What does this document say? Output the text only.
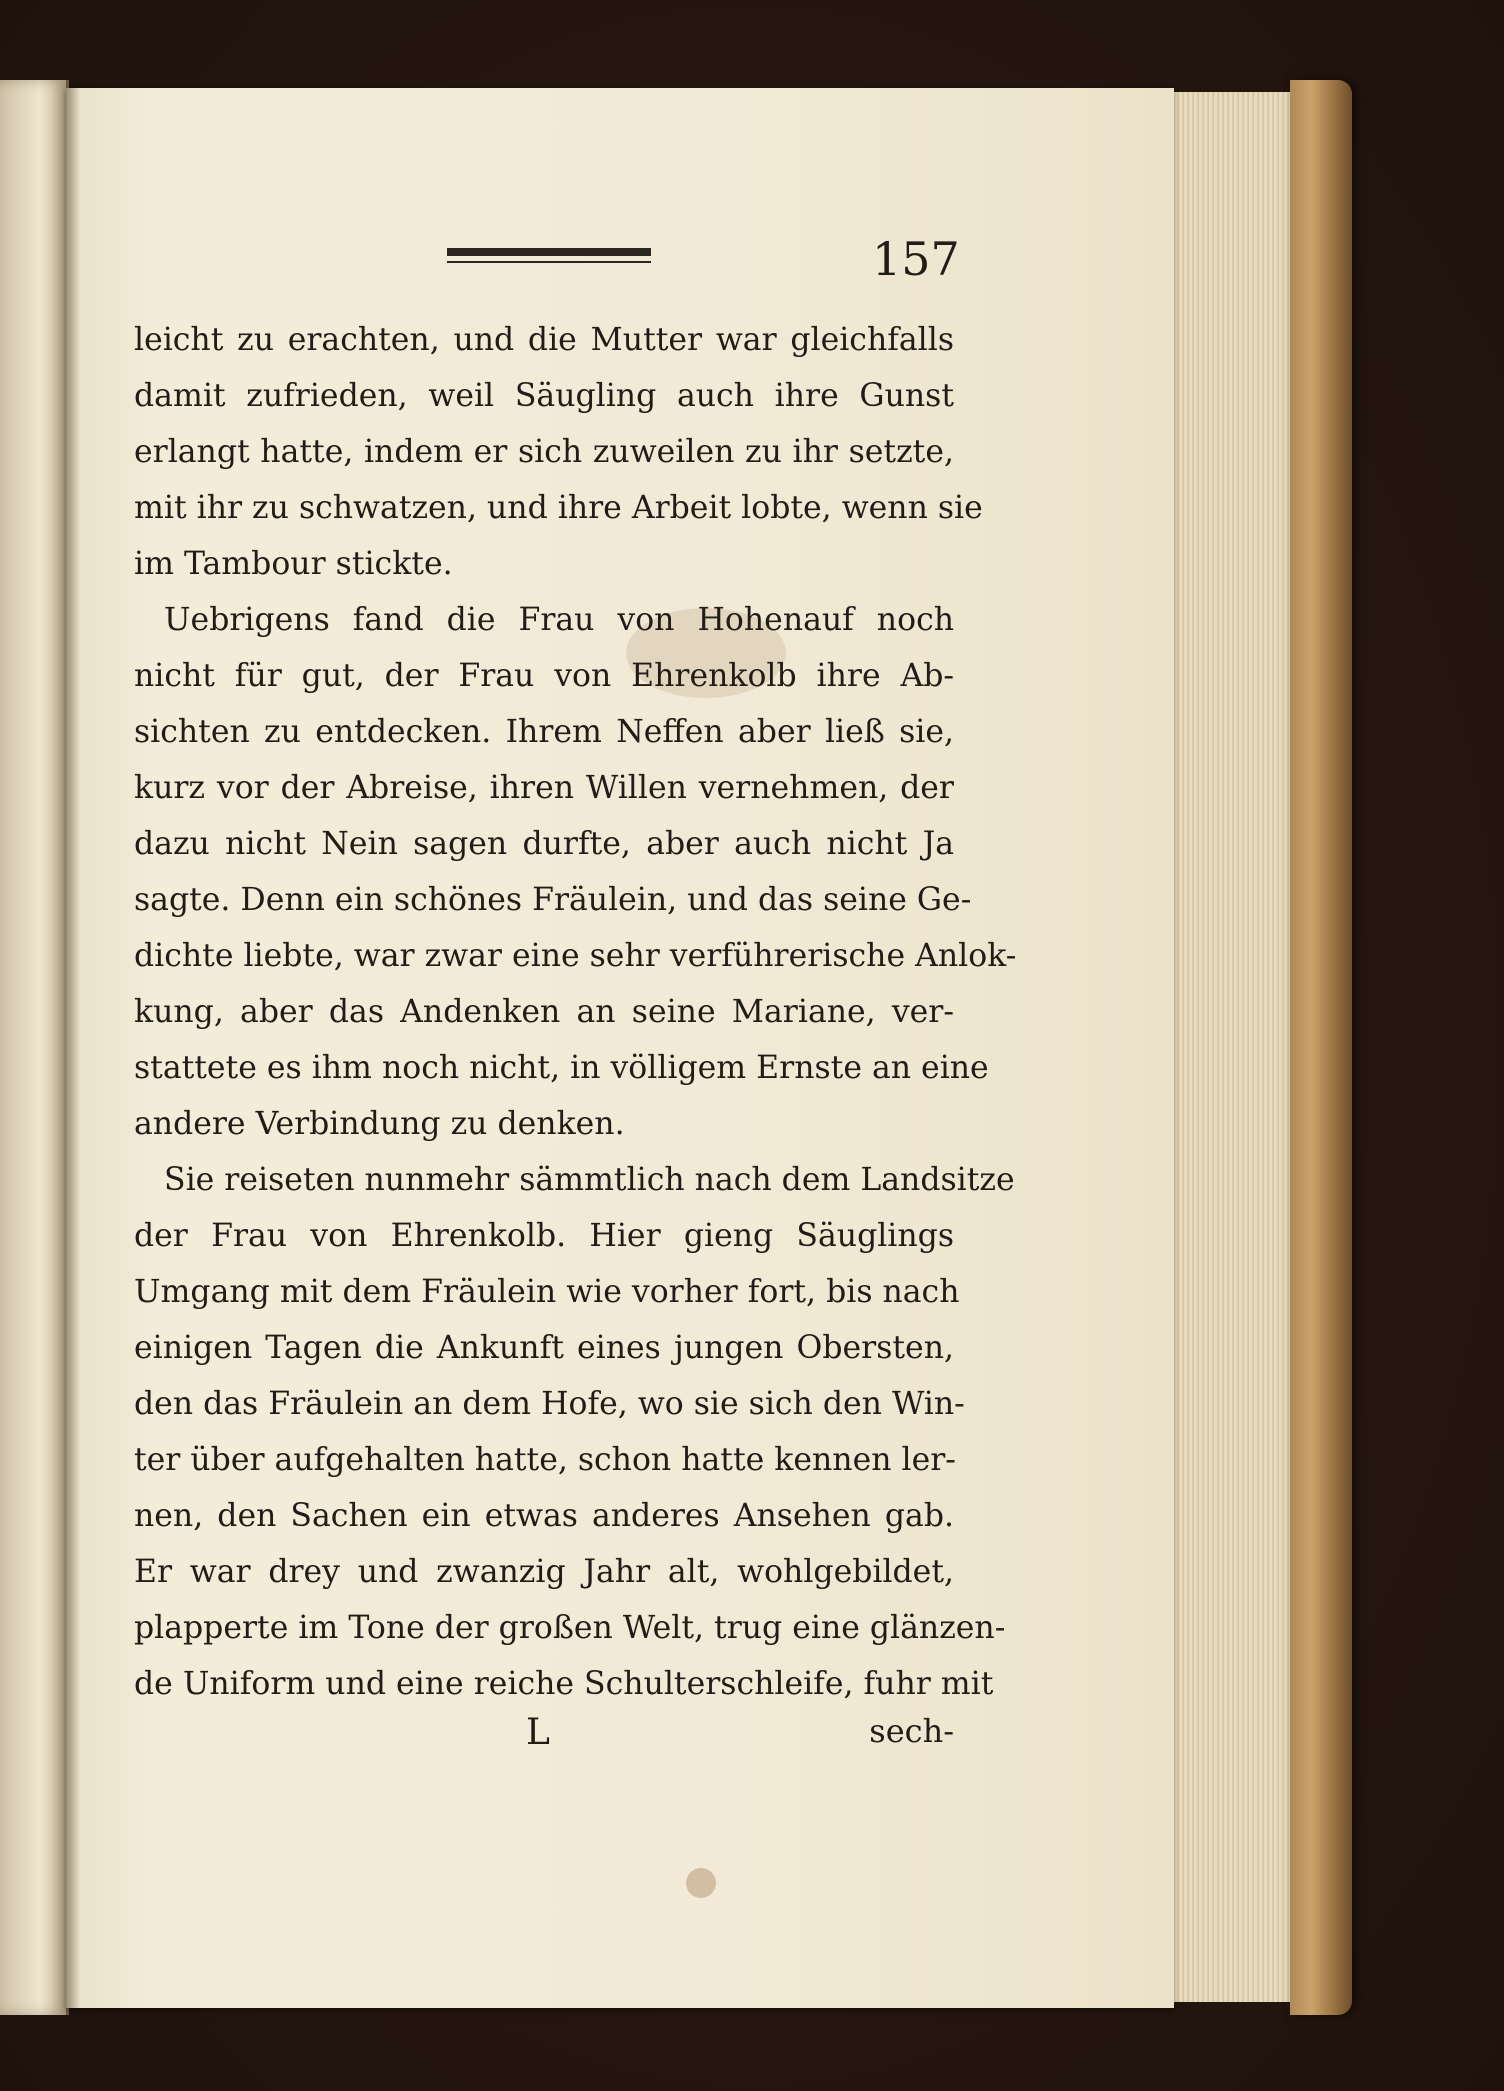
157
leicht zu erachten, und die Mutter war gleichfalls
damit zufrieden, weil Säugling auch ihre Gunst
erlangt hatte, indem er sich zuweilen zu ihr setzte,
mit ihr zu schwatzen, und ihre Arbeit lobte, wenn sie
im Tambour stickte.
Uebrigens fand die Frau von Hohenauf noch
nicht für gut, der Frau von Ehrenkolb ihre Ab-
sichten zu entdecken. Ihrem Neffen aber ließ sie,
kurz vor der Abreise, ihren Willen vernehmen, der
dazu nicht Nein sagen durfte, aber auch nicht Ja
sagte. Denn ein schönes Fräulein, und das seine Ge-
dichte liebte, war zwar eine sehr verführerische Anlok-
kung, aber das Andenken an seine Mariane, ver-
stattete es ihm noch nicht, in völligem Ernste an eine
andere Verbindung zu denken.
Sie reiseten nunmehr sämmtlich nach dem Landsitze
der Frau von Ehrenkolb. Hier gieng Säuglings
Umgang mit dem Fräulein wie vorher fort, bis nach
einigen Tagen die Ankunft eines jungen Obersten,
den das Fräulein an dem Hofe, wo sie sich den Win-
ter über aufgehalten hatte, schon hatte kennen ler-
nen, den Sachen ein etwas anderes Ansehen gab.
Er war drey und zwanzig Jahr alt, wohlgebildet,
plapperte im Tone der großen Welt, trug eine glänzen-
de Uniform und eine reiche Schulterschleife, fuhr mit
L	sech-
